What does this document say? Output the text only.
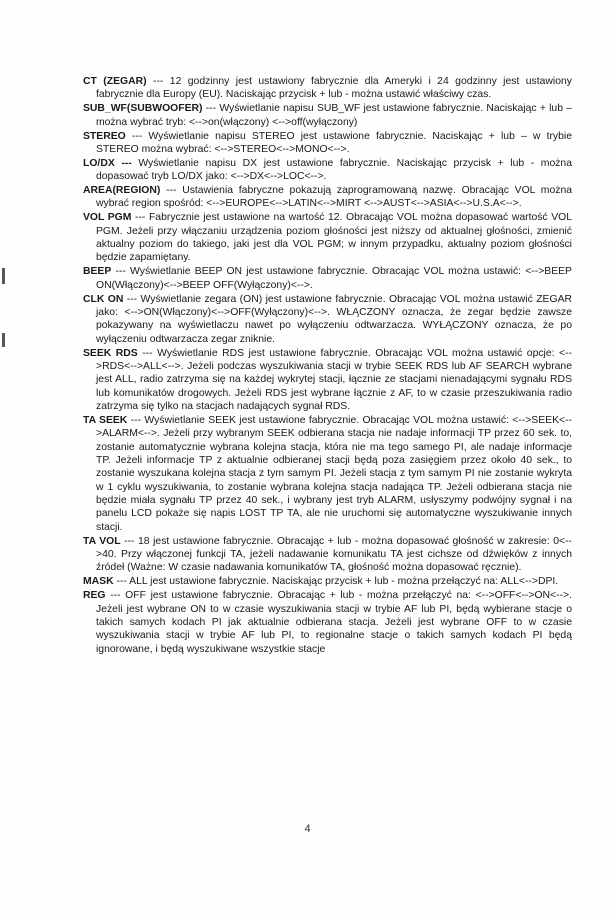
CT (ZEGAR) --- 12 godzinny jest ustawiony fabrycznie dla Ameryki i 24 godzinny jest ustawiony fabrycznie dla Europy (EU). Naciskając przycisk + lub - można ustawić właściwy czas.

SUB_WF(SUBWOOFER) --- Wyświetlanie napisu SUB_WF jest ustawione fabrycznie. Naciskając + lub – można wybrać tryb: <-->on(włączony) <-->off(wyłączony)

STEREO --- Wyświetlanie napisu STEREO jest ustawione fabrycznie. Naciskając + lub – w trybie STEREO można wybrać: <-->STEREO<-->MONO<-->.

LO/DX --- Wyświetlanie napisu DX jest ustawione fabrycznie. Naciskając przycisk + lub - można dopasować tryb LO/DX jako: <-->DX<-->LOC<-->.

AREA(REGION) --- Ustawienia fabryczne pokazują zaprogramowaną nazwę. Obracając VOL można wybrać region spośród: <-->EUROPE<-->LATIN<-->MIRT <-->AUST<-->ASIA<-->U.S.A<-->.

VOL PGM --- Fabrycznie jest ustawione na wartość 12. Obracając VOL można dopasować wartość VOL PGM. Jeżeli przy włączaniu urządzenia poziom głośności jest niższy od aktualnej głośności, zmienić aktualny poziom do takiego, jaki jest dla VOL PGM; w innym przypadku, aktualny poziom głośności będzie zapamiętany.

BEEP --- Wyświetlanie BEEP ON jest ustawione fabrycznie. Obracając VOL można ustawić: <-->BEEP ON(Włączony)<-->BEEP OFF(Wyłączony)<-->.

CLK ON --- Wyświetlanie zegara (ON) jest ustawione fabrycznie. Obracając VOL można ustawić ZEGAR jako: <-->ON(Włączony)<-->OFF(Wyłączony)<-->. WŁĄCZONY oznacza, że zegar będzie zawsze pokazywany na wyświetlaczu nawet po wyłączeniu odtwarzacza. WYŁĄCZONY oznacza, że po wyłączeniu odtwarzacza zegar zniknie.

SEEK RDS --- Wyświetlanie RDS jest ustawione fabrycznie. Obracając VOL można ustawić opcje: <-->RDS<-->ALL<-->. Jeżeli podczas wyszukiwania stacji w trybie SEEK RDS lub AF SEARCH wybrane jest ALL, radio zatrzyma się na każdej wykrytej stacji, łącznie ze stacjami nienadającymi sygnału RDS lub komunikatów drogowych. Jeżeli RDS jest wybrane łącznie z AF, to w czasie przeszukiwania radio zatrzyma się tylko na stacjach nadających sygnał RDS.

TA SEEK --- Wyświetlanie SEEK jest ustawione fabrycznie. Obracając VOL można ustawić: <-->SEEK<-->ALARM<-->. Jeżeli przy wybranym SEEK odbierana stacja nie nadaje informacji TP przez 60 sek. to, zostanie automatycznie wybrana kolejna stacja, która nie ma tego samego PI, ale nadaje informacje TP. Jeżeli informacje TP z aktualnie odbieranej stacji będą poza zasięgiem przez około 40 sek., to zostanie wyszukana kolejna stacja z tym samym PI. Jeżeli stacja z tym samym PI nie zostanie wykryta w 1 cyklu wyszukiwania, to zostanie wybrana kolejna stacja nadająca TP. Jeżeli odbierana stacja nie będzie miała sygnału TP przez 40 sek., i wybrany jest tryb ALARM, usłyszymy podwójny sygnał i na panelu LCD pokaże się napis LOST TP TA, ale nie uruchomi się automatyczne wyszukiwanie innych stacji.

TA VOL --- 18 jest ustawione fabrycznie. Obracając + lub - można dopasować głośność w zakresie: 0<-->40. Przy włączonej funkcji TA, jeżeli nadawanie komunikatu TA jest cichsze od dźwięków z innych źródeł (Ważne: W czasie nadawania komunikatów TA, głośność można dopasować ręcznie).

MASK --- ALL jest ustawione fabrycznie. Naciskając przycisk + lub - można przełączyć na: ALL<-->DPI.

REG --- OFF jest ustawione fabrycznie. Obracając + lub - można przełączyć na: <-->OFF<-->ON<-->. Jeżeli jest wybrane ON to w czasie wyszukiwania stacji w trybie AF lub PI, będą wybierane stacje o takich samych kodach PI jak aktualnie odbierana stacja. Jeżeli jest wybrane OFF to w czasie wyszukiwania stacji w trybie AF lub PI, to regionalne stacje o takich samych kodach PI będą ignorowane, i będą wyszukiwane wszystkie stacje

4
